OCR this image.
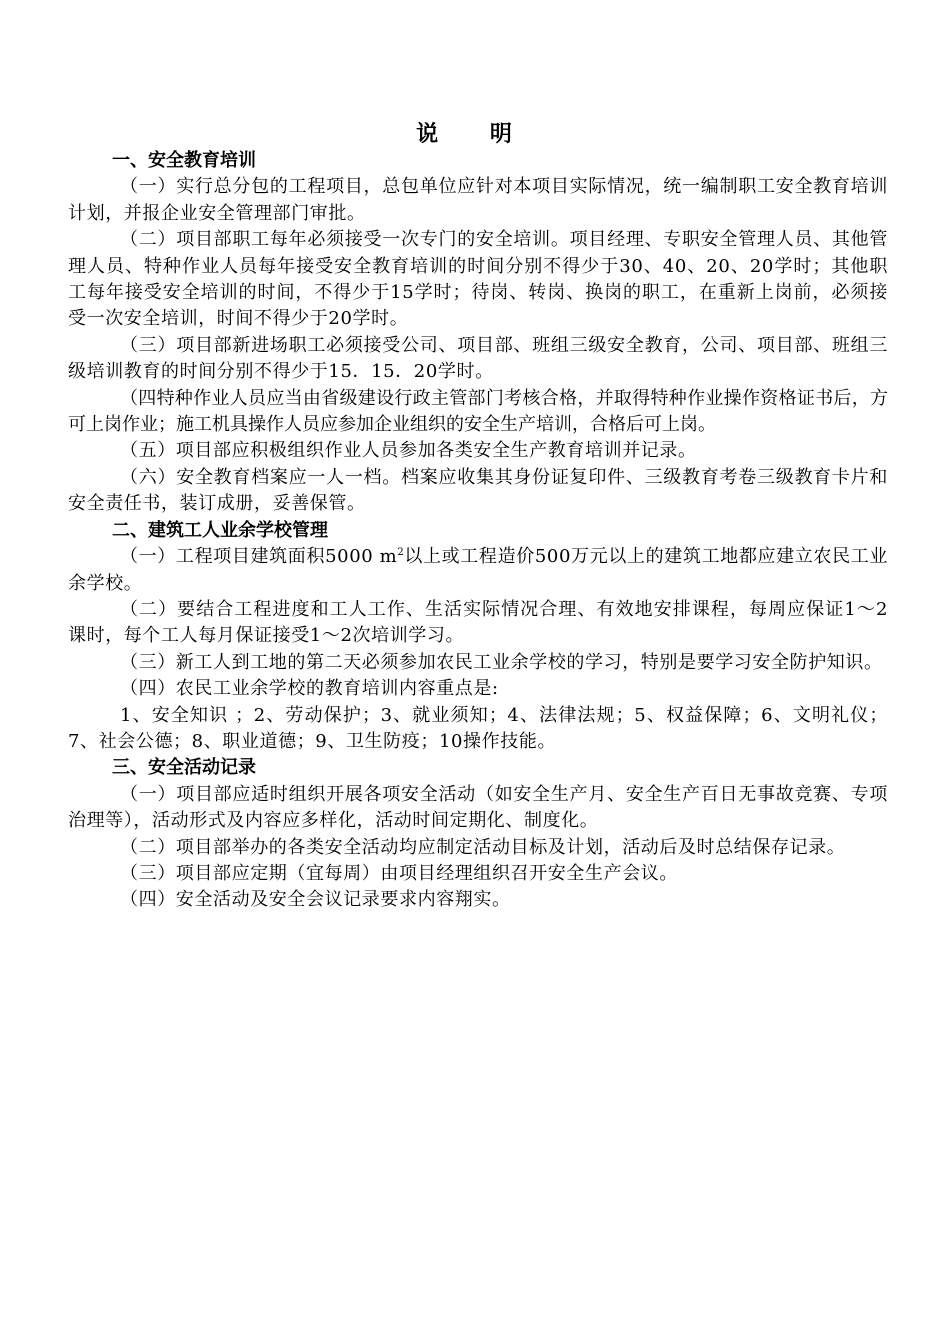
说 明
一、安全教育培训
（一）实行总分包的工程项目，总包单位应针对本项目实际情况，统一编制职工安全教育培训计划，并报企业安全管理部门审批。
（二）项目部职工每年必须接受一次专门的安全培训。项目经理、专职安全管理人员、其他管理人员、特种作业人员每年接受安全教育培训的时间分别不得少于30、40、20、20学时；其他职工每年接受安全培训的时间，不得少于15学时；待岗、转岗、换岗的职工，在重新上岗前，必须接受一次安全培训，时间不得少于20学时。
（三）项目部新进场职工必须接受公司、项目部、班组三级安全教育，公司、项目部、班组三级培训教育的时间分别不得少于15．15．20学时。
（四特种作业人员应当由省级建设行政主管部门考核合格，并取得特种作业操作资格证书后，方可上岗作业；施工机具操作人员应参加企业组织的安全生产培训，合格后可上岗。
（五）项目部应积极组织作业人员参加各类安全生产教育培训并记录。
（六）安全教育档案应一人一档。档案应收集其身份证复印件、三级教育考卷三级教育卡片和安全责任书，装订成册，妥善保管。
二、建筑工人业余学校管理
（一）工程项目建筑面积5000 $m^2$以上或工程造价500万元以上的建筑工地都应建立农民工业余学校。
（二）要结合工程进度和工人工作、生活实际情况合理、有效地安排课程，每周应保证1～2课时，每个工人每月保证接受1～2次培训学习。
（三）新工人到工地的第二天必须参加农民工业余学校的学习，特别是要学习安全防护知识。
（四）农民工业余学校的教育培训内容重点是:
1、安全知识 ；2、劳动保护；3、就业须知；4、法律法规；5、权益保障；6、文明礼仪；7、社会公德；8、职业道德；9、卫生防疫；10操作技能。
三、安全活动记录
（一）项目部应适时组织开展各项安全活动（如安全生产月、安全生产百日无事故竞赛、专项治理等），活动形式及内容应多样化，活动时间定期化、制度化。
（二）项目部举办的各类安全活动均应制定活动目标及计划，活动后及时总结保存记录。
（三）项目部应定期（宜每周）由项目经理组织召开安全生产会议。
（四）安全活动及安全会议记录要求内容翔实。
